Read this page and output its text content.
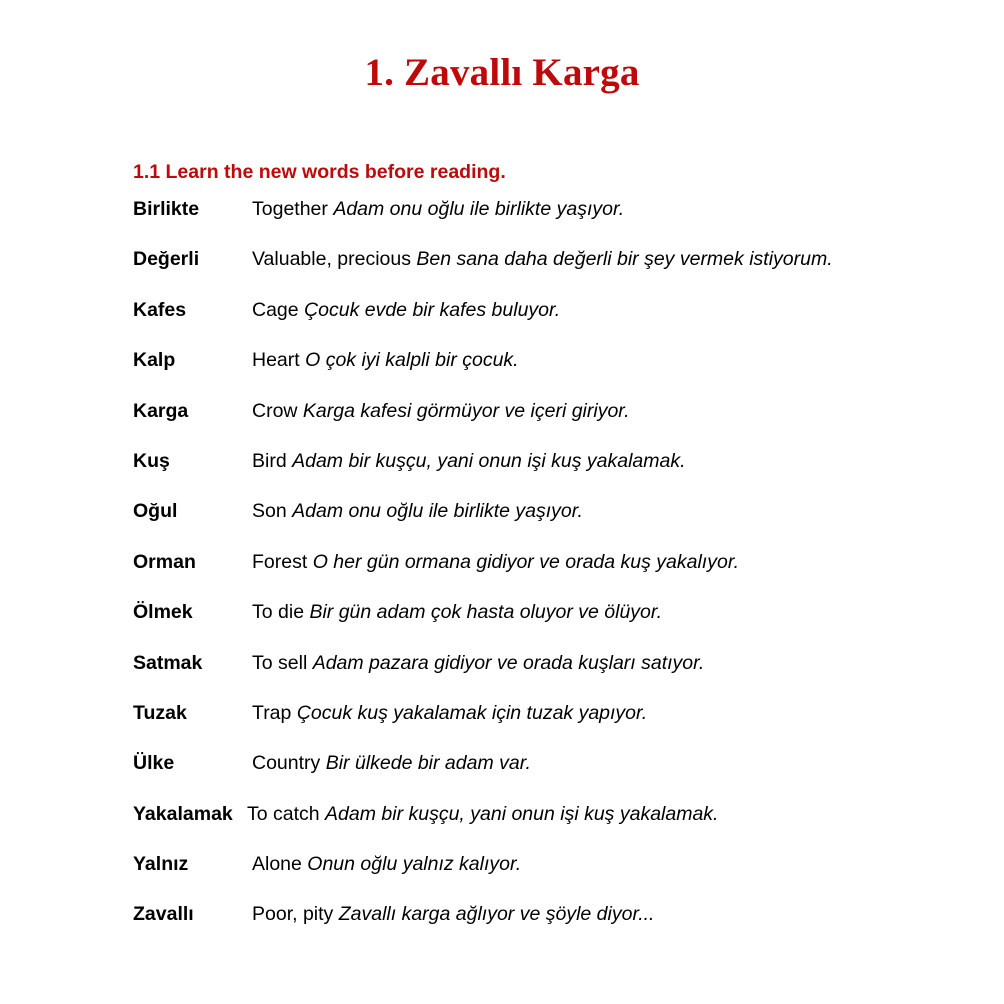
1. Zavallı Karga
1.1 Learn the new words before reading.
Birlikte	Together Adam onu oğlu ile birlikte yaşıyor.
Değerli	Valuable, precious Ben sana daha değerli bir şey vermek istiyorum.
Kafes	Cage Çocuk evde bir kafes buluyor.
Kalp	Heart O çok iyi kalpli bir çocuk.
Karga	Crow Karga kafesi görmüyor ve içeri giriyor.
Kuş	Bird Adam bir kuşçu, yani onun işi kuş yakalamak.
Oğul	Son Adam onu oğlu ile birlikte yaşıyor.
Orman	Forest O her gün ormana gidiyor ve orada kuş yakalıyor.
Ölmek	To die Bir gün adam çok hasta oluyor ve ölüyor.
Satmak	To sell Adam pazara gidiyor ve orada kuşları satıyor.
Tuzak	Trap Çocuk kuş yakalamak için tuzak yapıyor.
Ülke	Country Bir ülkede bir adam var.
Yakalamak To catch Adam bir kuşçu, yani onun işi kuş yakalamak.
Yalnız	Alone Onun oğlu yalnız kalıyor.
Zavallı	Poor, pity Zavallı karga ağlıyor ve şöyle diyor...
